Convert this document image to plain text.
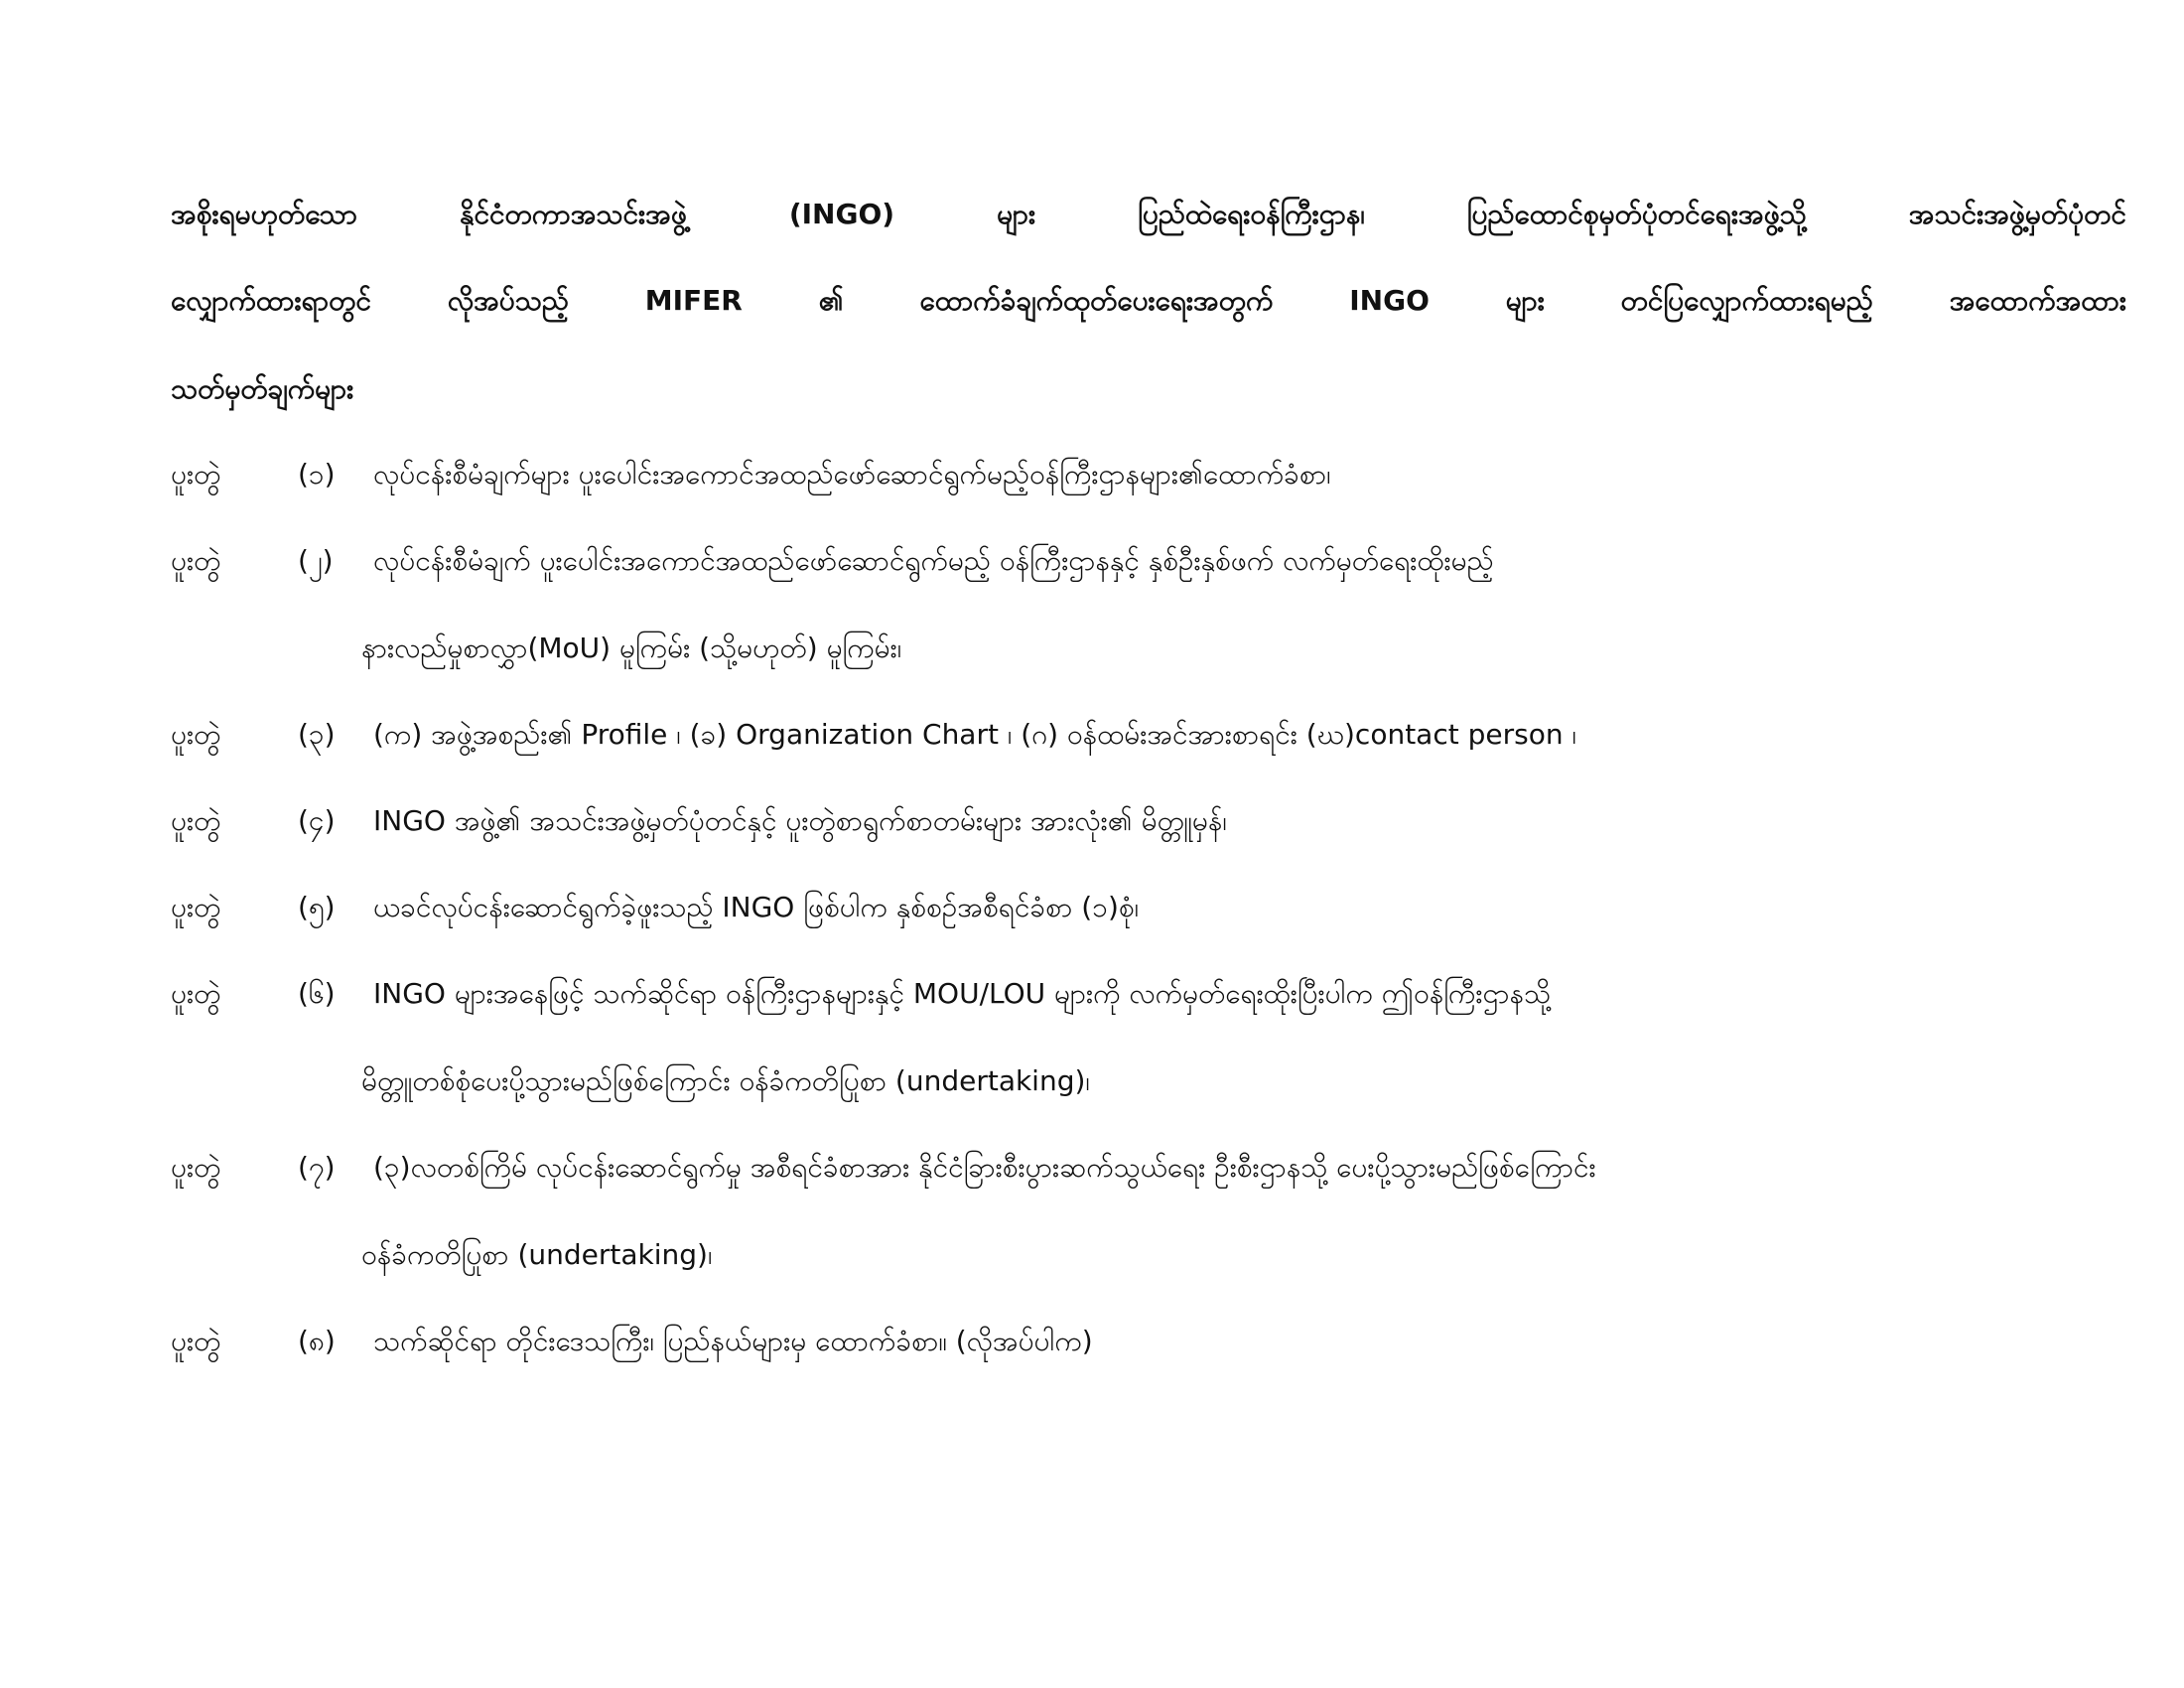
အစိုးရမဟုတ်သော	နိုင်ငံတကာအသင်းအဖွဲ့	(INGO)	များ	ပြည်ထဲရေးဝန်ကြီးဌာန၊	ပြည်ထောင်စုမှတ်ပုံတင်ရေးအဖွဲ့သို့	အသင်းအဖွဲ့မှတ်ပုံတင်
လျှောက်ထားရာတွင်	လိုအပ်သည့်	MIFER	၏	ထောက်ခံချက်ထုတ်ပေးရေးအတွက်	INGO	များ	တင်ပြလျှောက်ထားရမည့်	အထောက်အထား
သတ်မှတ်ချက်များ
ပူးတွဲ	(၁) လုပ်ငန်းစီမံချက်များ ပူးပေါင်းအကောင်အထည်ဖော်ဆောင်ရွက်မည့်ဝန်ကြီးဌာနများ၏ထောက်ခံစာ၊
ပူးတွဲ	(၂) လုပ်ငန်းစီမံချက် ပူးပေါင်းအကောင်အထည်ဖော်ဆောင်ရွက်မည့် ဝန်ကြီးဌာနနှင့် နှစ်ဦးနှစ်ဖက် လက်မှတ်ရေးထိုးမည့်
နားလည်မှုစာလွှာ(MoU) မူကြမ်း (သို့မဟုတ်) မူကြမ်း၊
ပူးတွဲ	(၃) (က) အဖွဲ့အစည်း၏ Profile ၊ (ခ) Organization Chart ၊ (ဂ) ဝန်ထမ်းအင်အားစာရင်း (ဃ)contact person ၊
ပူးတွဲ	(၄) INGO အဖွဲ့၏ အသင်းအဖွဲ့မှတ်ပုံတင်နှင့် ပူးတွဲစာရွက်စာတမ်းများ အားလုံး၏ မိတ္တူမှန်၊
ပူးတွဲ	(၅) ယခင်လုပ်ငန်းဆောင်ရွက်ခဲ့ဖူးသည့် INGO ဖြစ်ပါက နှစ်စဉ်အစီရင်ခံစာ (၁)စုံ၊
ပူးတွဲ	(၆) INGO များအနေဖြင့် သက်ဆိုင်ရာ ဝန်ကြီးဌာနများနှင့် MOU/LOU များကို လက်မှတ်ရေးထိုးပြီးပါက ဤဝန်ကြီးဌာနသို့
မိတ္တူတစ်စုံပေးပို့သွားမည်ဖြစ်ကြောင်း ဝန်ခံကတိပြုစာ (undertaking)၊
ပူးတွဲ	(၇) (၃)လတစ်ကြိမ် လုပ်ငန်းဆောင်ရွက်မှု အစီရင်ခံစာအား နိုင်ငံခြားစီးပွားဆက်သွယ်ရေး ဦးစီးဌာနသို့ ပေးပို့သွားမည်ဖြစ်ကြောင်း
ဝန်ခံကတိပြုစာ (undertaking)၊
ပူးတွဲ	(၈) သက်ဆိုင်ရာ တိုင်းဒေသကြီး၊ ပြည်နယ်များမှ ထောက်ခံစာ။ (လိုအပ်ပါက)
